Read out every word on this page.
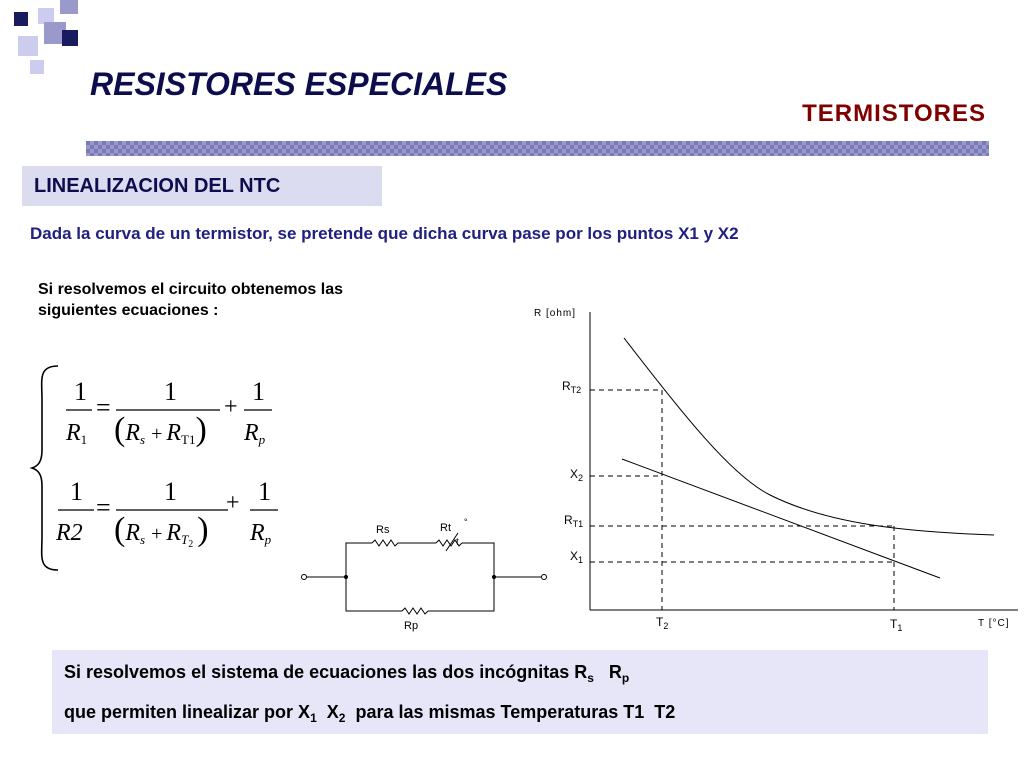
RESISTORES ESPECIALES
TERMISTORES
LINEALIZACION DEL NTC
Dada la curva de un termistor, se pretende que dicha curva pase por los puntos X1 y X2
Si resolvemos el circuito obtenemos las
siguientes ecuaciones :
1
R1
=
1
(Rs + RT1)
+
1
Rp
1
R2
=
1
(Rs + RT2 )
+ 1
Rp
Rs	Rt
t
°
Rp
R [ohm]
T [°C]
$R_{T2}$
$X_2$
$R_{T1}$
$X_1$
$T_2$	$T_1$
Si resolvemos el sistema de ecuaciones las dos incógnitas $R_s$   $R_p$
que permiten linealizar por $X_1$  $X_2$  para las mismas Temperaturas T1  T2
